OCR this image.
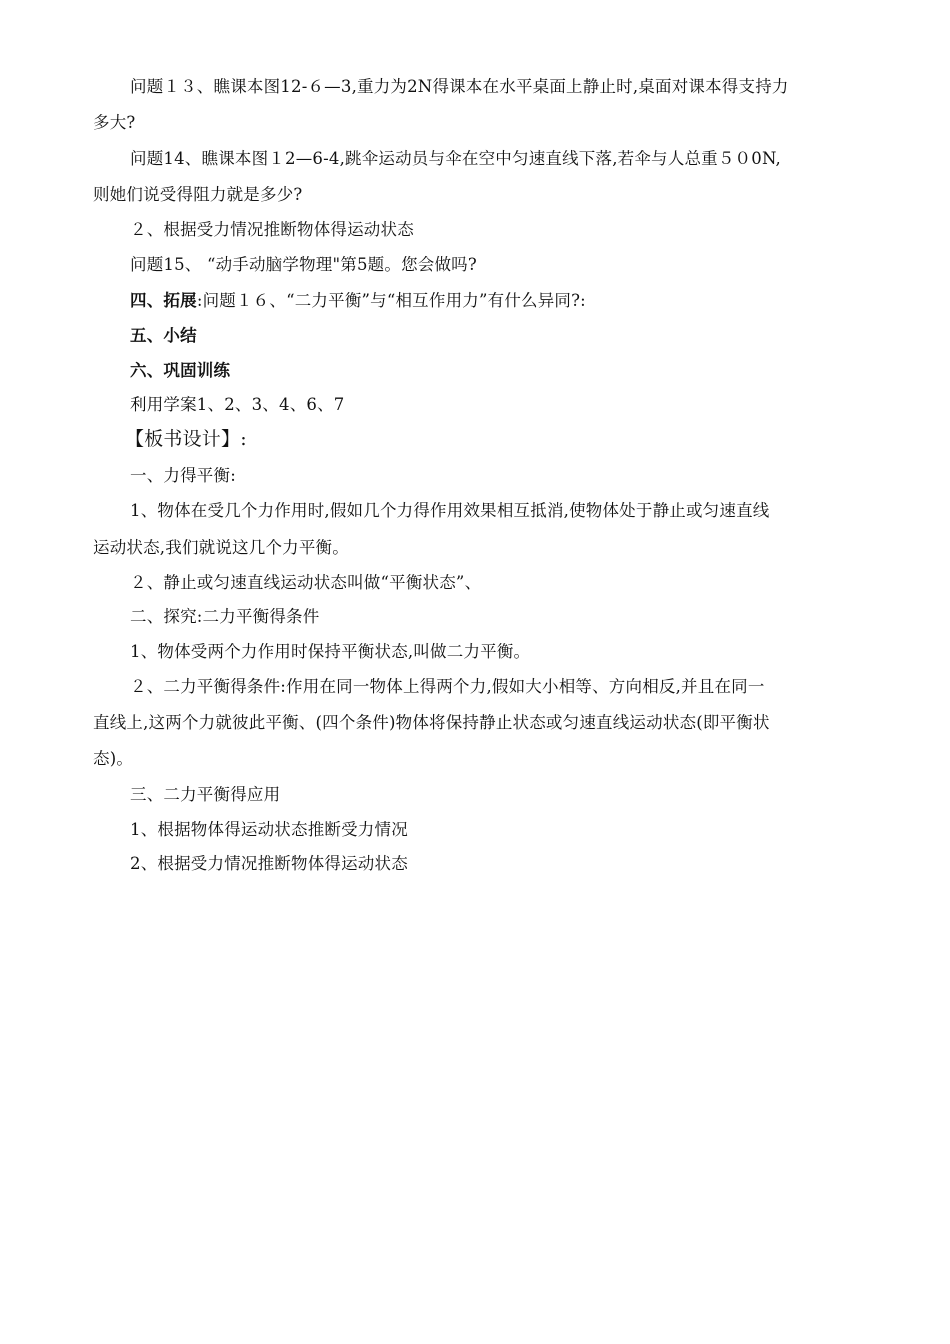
问题１３、瞧课本图12-６—3,重力为2N得课本在水平桌面上静止时,桌面对课本得支持力
多大?
问题14、瞧课本图１2—6-4,跳伞运动员与伞在空中匀速直线下落,若伞与人总重５０0N,
则她们说受得阻力就是多少?
２、根据受力情况推断物体得运动状态
问题15、 “动手动脑学物理"第5题。您会做吗?
四、拓展:问题１６、“二力平衡”与“相互作用力”有什么异同?:
五、小结
六、巩固训练
利用学案1、2、3、4、6、7
【板书设计】:
一、力得平衡:
1、物体在受几个力作用时,假如几个力得作用效果相互抵消,使物体处于静止或匀速直线
运动状态,我们就说这几个力平衡。
２、静止或匀速直线运动状态叫做“平衡状态”、
二、探究:二力平衡得条件
1、物体受两个力作用时保持平衡状态,叫做二力平衡。
２、二力平衡得条件:作用在同一物体上得两个力,假如大小相等、方向相反,并且在同一
直线上,这两个力就彼此平衡、(四个条件)物体将保持静止状态或匀速直线运动状态(即平衡状
态)。
三、二力平衡得应用
1、根据物体得运动状态推断受力情况
2、根据受力情况推断物体得运动状态
